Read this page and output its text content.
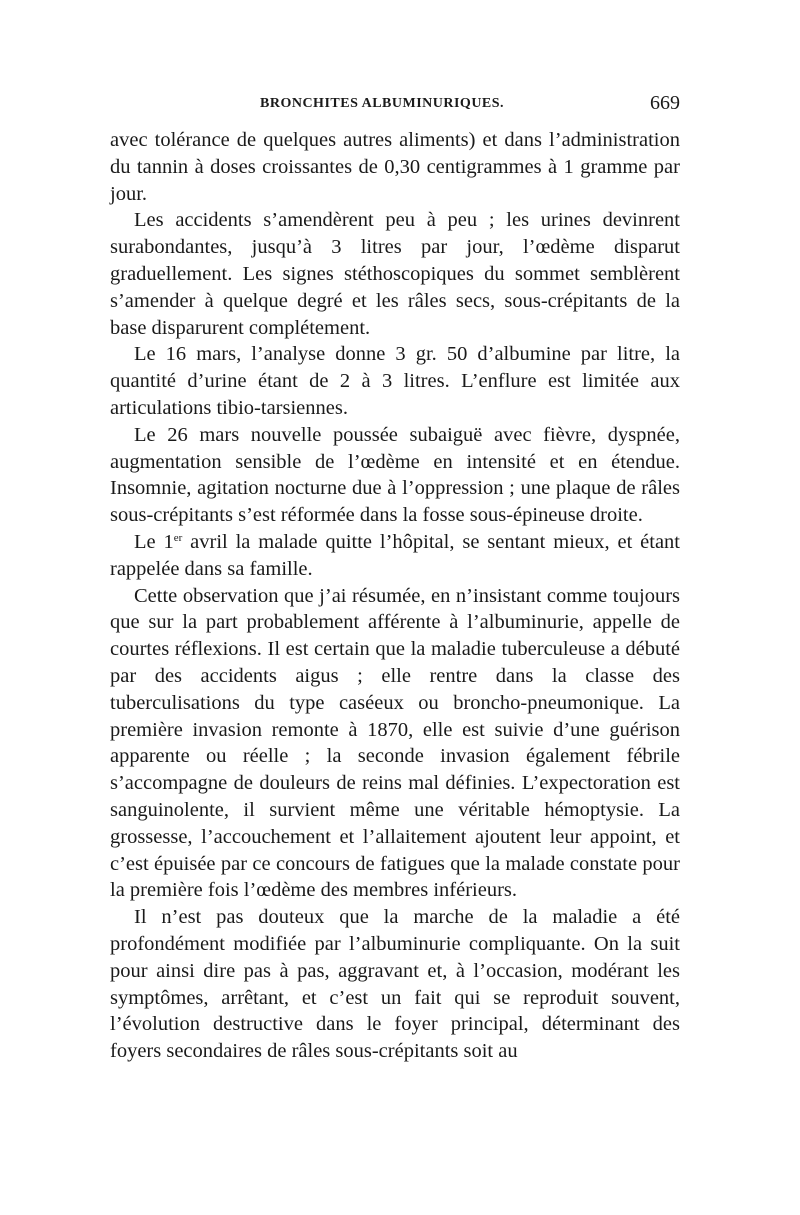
BRONCHITES ALBUMINURIQUES.	669

avec tolérance de quelques autres aliments) et dans l’administration du tannin à doses croissantes de 0,30 centigrammes à 1 gramme par jour.

Les accidents s’amendèrent peu à peu ; les urines devinrent surabondantes, jusqu’à 3 litres par jour, l’œdème disparut graduellement. Les signes stéthoscopiques du sommet semblèrent s’amender à quelque degré et les râles secs, sous-crépitants de la base disparurent complétement.

Le 16 mars, l’analyse donne 3 gr. 50 d’albumine par litre, la quantité d’urine étant de 2 à 3 litres. L’enflure est limitée aux articulations tibio-tarsiennes.

Le 26 mars nouvelle poussée subaiguë avec fièvre, dyspnée, augmentation sensible de l’œdème en intensité et en étendue. Insomnie, agitation nocturne due à l’oppression ; une plaque de râles sous-crépitants s’est réformée dans la fosse sous-épineuse droite.

Le 1er avril la malade quitte l’hôpital, se sentant mieux, et étant rappelée dans sa famille.

Cette observation que j’ai résumée, en n’insistant comme toujours que sur la part probablement afférente à l’albuminurie, appelle de courtes réflexions. Il est certain que la maladie tuberculeuse a débuté par des accidents aigus ; elle rentre dans la classe des tuberculisations du type caséeux ou broncho-pneumonique. La première invasion remonte à 1870, elle est suivie d’une guérison apparente ou réelle ; la seconde invasion également fébrile s’accompagne de douleurs de reins mal définies. L’expectoration est sanguinolente, il survient même une véritable hémoptysie. La grossesse, l’accouchement et l’allaitement ajoutent leur appoint, et c’est épuisée par ce concours de fatigues que la malade constate pour la première fois l’œdème des membres inférieurs.

Il n’est pas douteux que la marche de la maladie a été profondément modifiée par l’albuminurie compliquante. On la suit pour ainsi dire pas à pas, aggravant et, à l’occasion, modérant les symptômes, arrêtant, et c’est un fait qui se reproduit souvent, l’évolution destructive dans le foyer principal, déterminant des foyers secondaires de râles sous-crépitants soit au
